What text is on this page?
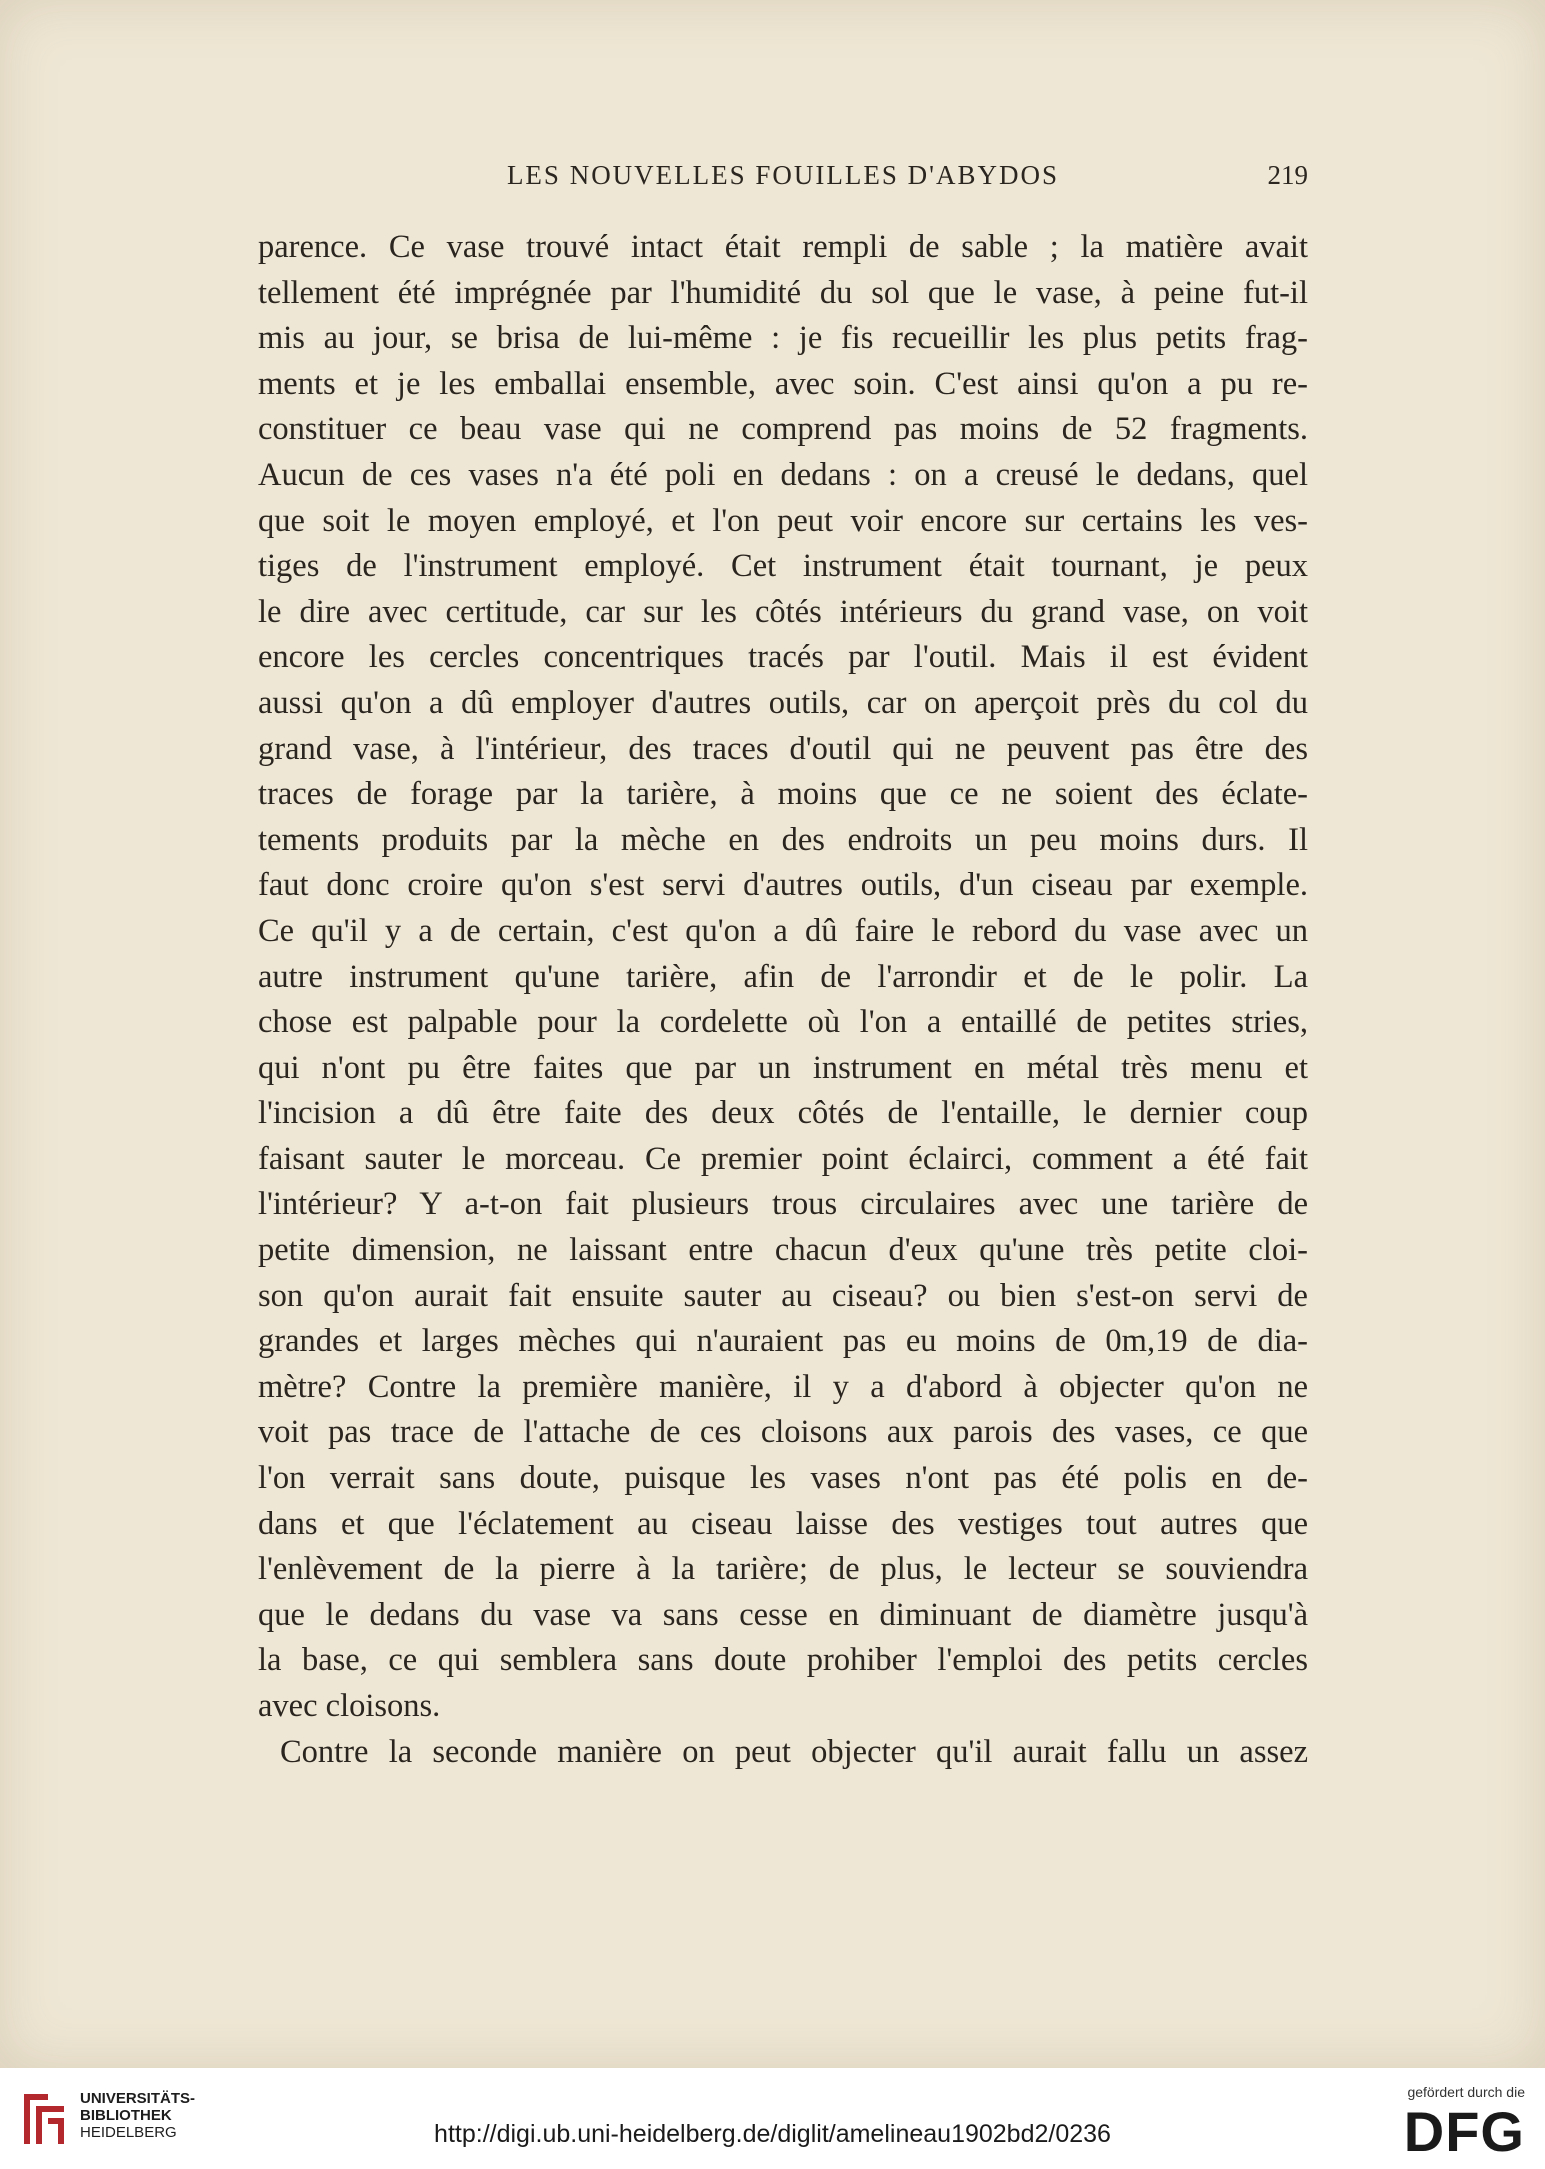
LES NOUVELLES FOUILLES D'ABYDOS	219
parence. Ce vase trouvé intact était rempli de sable ; la matière avait
tellement été imprégnée par l'humidité du sol que le vase, à peine fut-il
mis au jour, se brisa de lui-même : je fis recueillir les plus petits frag-
ments et je les emballai ensemble, avec soin. C'est ainsi qu'on a pu re-
constituer ce beau vase qui ne comprend pas moins de 52 fragments.
Aucun de ces vases n'a été poli en dedans : on a creusé le dedans, quel
que soit le moyen employé, et l'on peut voir encore sur certains les ves-
tiges de l'instrument employé. Cet instrument était tournant, je peux
le dire avec certitude, car sur les côtés intérieurs du grand vase, on voit
encore les cercles concentriques tracés par l'outil. Mais il est évident
aussi qu'on a dû employer d'autres outils, car on aperçoit près du col du
grand vase, à l'intérieur, des traces d'outil qui ne peuvent pas être des
traces de forage par la tarière, à moins que ce ne soient des éclate-
tements produits par la mèche en des endroits un peu moins durs. Il
faut donc croire qu'on s'est servi d'autres outils, d'un ciseau par exemple.
Ce qu'il y a de certain, c'est qu'on a dû faire le rebord du vase avec un
autre instrument qu'une tarière, afin de l'arrondir et de le polir. La
chose est palpable pour la cordelette où l'on a entaillé de petites stries,
qui n'ont pu être faites que par un instrument en métal très menu et
l'incision a dû être faite des deux côtés de l'entaille, le dernier coup
faisant sauter le morceau. Ce premier point éclairci, comment a été fait
l'intérieur? Y a-t-on fait plusieurs trous circulaires avec une tarière de
petite dimension, ne laissant entre chacun d'eux qu'une très petite cloi-
son qu'on aurait fait ensuite sauter au ciseau? ou bien s'est-on servi de
grandes et larges mèches qui n'auraient pas eu moins de 0m,19 de dia-
mètre? Contre la première manière, il y a d'abord à objecter qu'on ne
voit pas trace de l'attache de ces cloisons aux parois des vases, ce que
l'on verrait sans doute, puisque les vases n'ont pas été polis en de-
dans et que l'éclatement au ciseau laisse des vestiges tout autres que
l'enlèvement de la pierre à la tarière; de plus, le lecteur se souviendra
que le dedans du vase va sans cesse en diminuant de diamètre jusqu'à
la base, ce qui semblera sans doute prohiber l'emploi des petits cercles
avec cloisons.
Contre la seconde manière on peut objecter qu'il aurait fallu un assez
UNIVERSITÄTS-
BIBLIOTHEK
HEIDELBERG	http://digi.ub.uni-heidelberg.de/diglit/amelineau1902bd2/0236
gefördert durch die
DFG
